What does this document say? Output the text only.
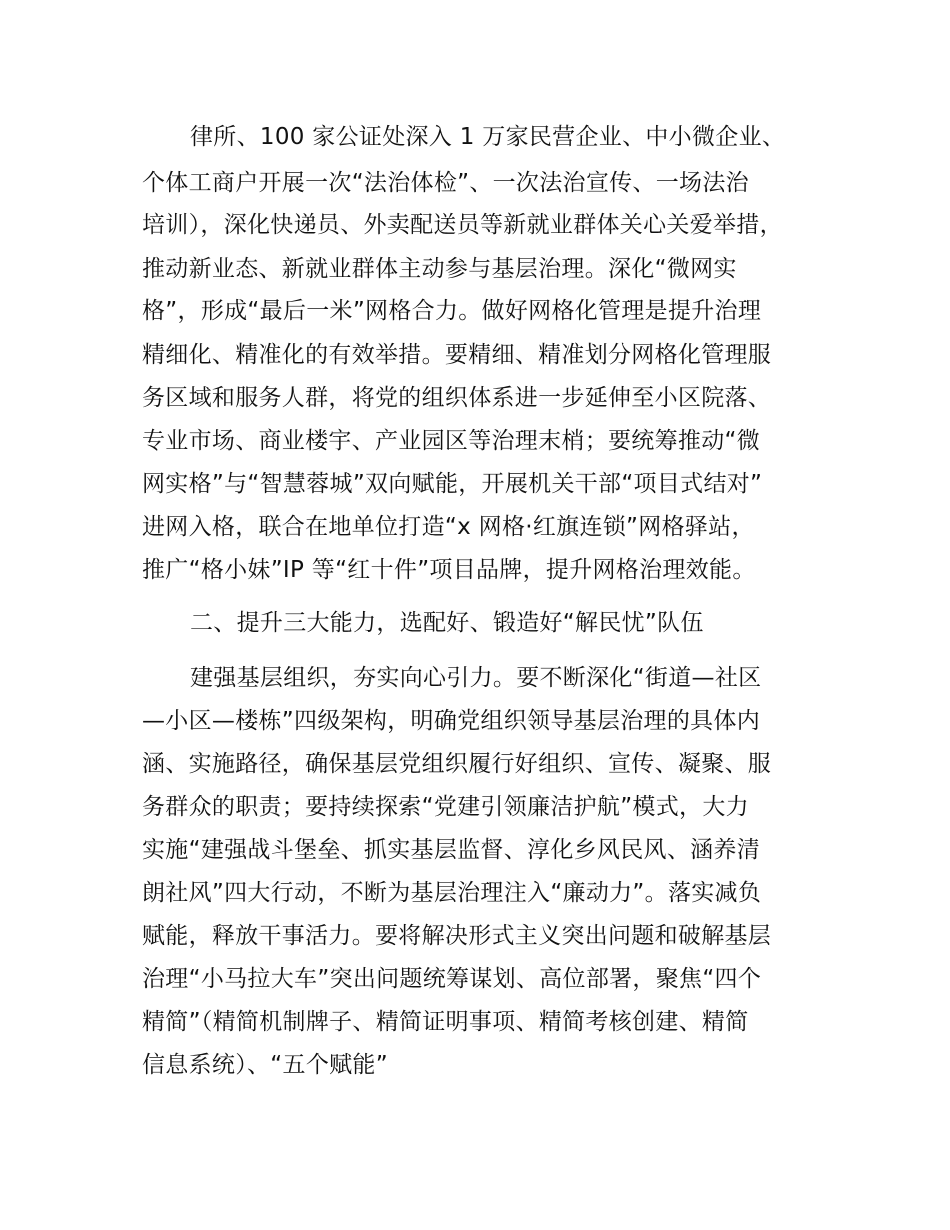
律所、100 家公证处深入 1 万家民营企业、中小微企业、
个体工商户开展一次“法治体检”、一次法治宣传、一场法治
培训），深化快递员、外卖配送员等新就业群体关心关爱举措，
推动新业态、新就业群体主动参与基层治理。深化“微网实
格”，形成“最后一米”网格合力。做好网格化管理是提升治理
精细化、精准化的有效举措。要精细、精准划分网格化管理服
务区域和服务人群，将党的组织体系进一步延伸至小区院落、
专业市场、商业楼宇、产业园区等治理末梢；要统筹推动“微
网实格”与“智慧蓉城”双向赋能，开展机关干部“项目式结对”
进网入格，联合在地单位打造“x 网格·红旗连锁”网格驿站，
推广“格小妹”IP 等“红十件”项目品牌，提升网格治理效能。
二、提升三大能力，选配好、锻造好“解民忧”队伍
建强基层组织，夯实向心引力。要不断深化“街道—社区
—小区—楼栋”四级架构，明确党组织领导基层治理的具体内
涵、实施路径，确保基层党组织履行好组织、宣传、凝聚、服
务群众的职责；要持续探索“党建引领廉洁护航”模式，大力
实施“建强战斗堡垒、抓实基层监督、淳化乡风民风、涵养清
朗社风”四大行动，不断为基层治理注入“廉动力”。落实减负
赋能，释放干事活力。要将解决形式主义突出问题和破解基层
治理“小马拉大车”突出问题统筹谋划、高位部署，聚焦“四个
精简”（精简机制牌子、精简证明事项、精简考核创建、精简
信息系统）、“五个赋能”
